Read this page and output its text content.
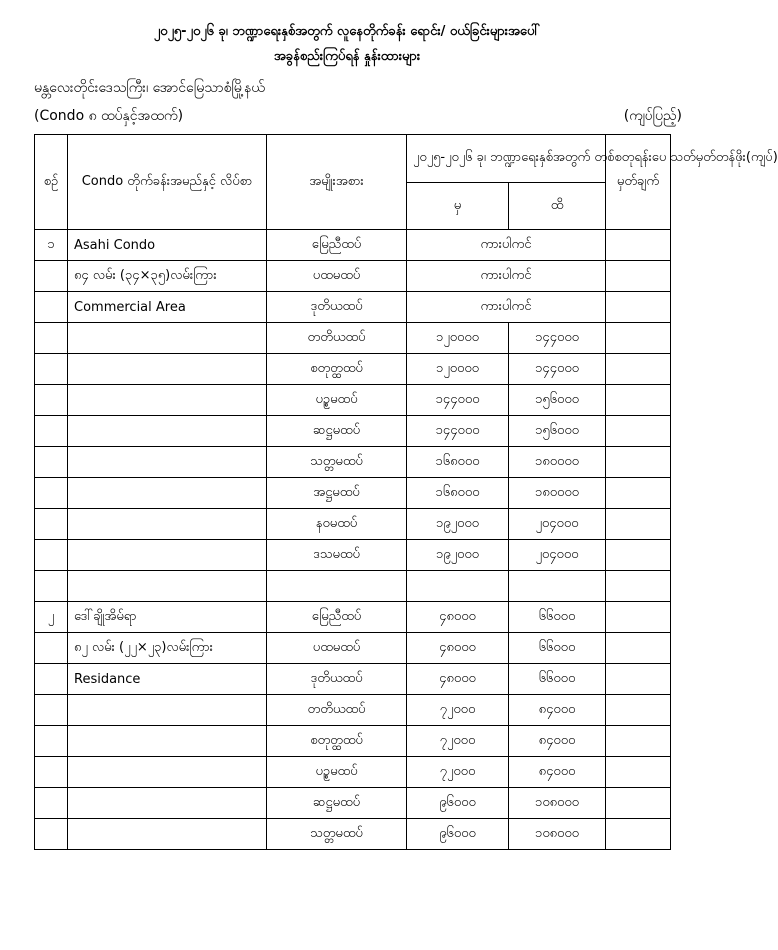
၂၀၂၅-၂၀၂၆ ခု၊ ဘဏ္ဍာရေးနှစ်အတွက် လူနေတိုက်ခန်း ရောင်း/ ဝယ်ခြင်းများအပေါ်
အခွန်စည်းကြပ်ရန် နှုန်းထားများ
မန္တလေးတိုင်းဒေသကြီး၊ အောင်မြေသာစံမြို့နယ်
(Condo ၈ ထပ်နှင့်အထက်)	(ကျပ်ပြည့်)
စဉ်	Condo တိုက်ခန်းအမည်နှင့် လိပ်စာ	အမျိုးအစား	၂၀၂၅-၂၀၂၆ ခု၊ ဘဏ္ဍာရေးနှစ်အတွက် တစ်စတုရန်းပေ သတ်မှတ်တန်ဖိုး(ကျပ်)		မှတ်ချက်
			မှ	ထိ	
၁	Asahi Condo	မြေညီထပ်	ကားပါကင်		
	၈၄ လမ်း (၃၄×၃၅)လမ်းကြား	ပထမထပ်	ကားပါကင်		
	Commercial Area	ဒုတိယထပ်	ကားပါကင်		
		တတိယထပ်	၁၂၀၀၀၀	၁၄၄၀၀၀	
		စတုတ္ထထပ်	၁၂၀၀၀၀	၁၄၄၀၀၀	
		ပဉ္စမထပ်	၁၄၄၀၀၀	၁၅၆၀၀၀	
		ဆဋ္ဌမထပ်	၁၄၄၀၀၀	၁၅၆၀၀၀	
		သတ္တမထပ်	၁၆၈၀၀၀	၁၈၀၀၀၀	
		အဋ္ဌမထပ်	၁၆၈၀၀၀	၁၈၀၀၀၀	
		နဝမထပ်	၁၉၂၀၀၀	၂၀၄၀၀၀	
		ဒသမထပ်	၁၉၂၀၀၀	၂၀၄၀၀၀	

၂	ဒေါ်ချိုအိမ်ရာ	မြေညီထပ်	၄၈၀၀၀	၆၆၀၀၀	
	၈၂ လမ်း (၂၂×၂၃)လမ်းကြား	ပထမထပ်	၄၈၀၀၀	၆၆၀၀၀	
	Residance	ဒုတိယထပ်	၄၈၀၀၀	၆၆၀၀၀	
		တတိယထပ်	၇၂၀၀၀	၈၄၀၀၀	
		စတုတ္ထထပ်	၇၂၀၀၀	၈၄၀၀၀	
		ပဉ္စမထပ်	၇၂၀၀၀	၈၄၀၀၀	
		ဆဋ္ဌမထပ်	၉၆၀၀၀	၁၀၈၀၀၀	
		သတ္တမထပ်	၉၆၀၀၀	၁၀၈၀၀၀	
